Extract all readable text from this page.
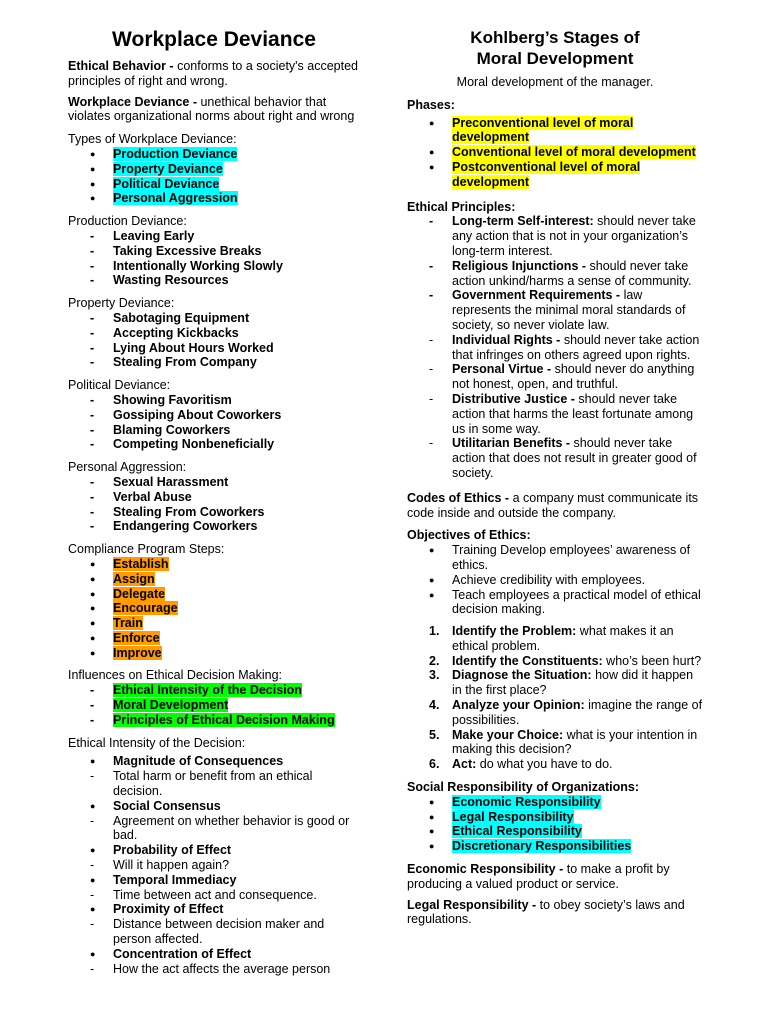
Workplace Deviance

Ethical Behavior - conforms to a society's accepted principles of right and wrong.

Workplace Deviance - unethical behavior that violates organizational norms about right and wrong

Types of Workplace Deviance:

●
Production Deviance
●
Property Deviance
●
Political Deviance
●
Personal Aggression

Production Deviance:

-
Leaving Early
-
Taking Excessive Breaks
-
Intentionally Working Slowly
-
Wasting Resources

Property Deviance:

-
Sabotaging Equipment
-
Accepting Kickbacks
-
Lying About Hours Worked
-
Stealing From Company

Political Deviance:

-
Showing Favoritism
-
Gossiping About Coworkers
-
Blaming Coworkers
-
Competing Nonbeneficially

Personal Aggression:

-
Sexual Harassment
-
Verbal Abuse
-
Stealing From Coworkers
-
Endangering Coworkers

Compliance Program Steps:

●
Establish
●
Assign
●
Delegate
●
Encourage
●
Train
●
Enforce
●
Improve

Influences on Ethical Decision Making:

-
Ethical Intensity of the Decision
-
Moral Development
-
Principles of Ethical Decision Making

Ethical Intensity of the Decision:

●
Magnitude of Consequences
-
Total harm or benefit from an ethical decision.
●
Social Consensus
-
Agreement on whether behavior is good or bad.
●
Probability of Effect
-
Will it happen again?
●
Temporal Immediacy
-
Time between act and consequence.
●
Proximity of Effect
-
Distance between decision maker and person affected.
●
Concentration of Effect
-
How the act affects the average person
Kohlberg’s Stages of
Moral Development

Moral development of the manager.

Phases:

●
Preconventional level of moral development
●
Conventional level of moral development
●
Postconventional level of moral development

Ethical Principles:

-
Long-term Self-interest: should never take any action that is not in your organization’s long-term interest.
-
Religious Injunctions - should never take action unkind/harms a sense of community.
-
Government Requirements - law represents the minimal moral standards of society, so never violate law.
-
Individual Rights - should never take action that infringes on others agreed upon rights.
-
Personal Virtue - should never do anything not honest, open, and truthful.
-
Distributive Justice - should never take action that harms the least fortunate among us in some way.
-
Utilitarian Benefits - should never take action that does not result in greater good of society.

Codes of Ethics - a company must communicate its code inside and outside the company.

Objectives of Ethics:

●
Training Develop employees’ awareness of ethics.
●
Achieve credibility with employees.
●
Teach employees a practical model of ethical decision making.
1. Identify the Problem: what makes it an ethical problem.
2. Identify the Constituents: who’s been hurt?
3. Diagnose the Situation: how did it happen in the first place?
4. Analyze your Opinion: imagine the range of possibilities.
5. Make your Choice: what is your intention in making this decision?
6. Act: do what you have to do.

Social Responsibility of Organizations:

●
Economic Responsibility
●
Legal Responsibility
●
Ethical Responsibility
●
Discretionary Responsibilities

Economic Responsibility - to make a profit by producing a valued product or service.

Legal Responsibility - to obey society’s laws and regulations.
